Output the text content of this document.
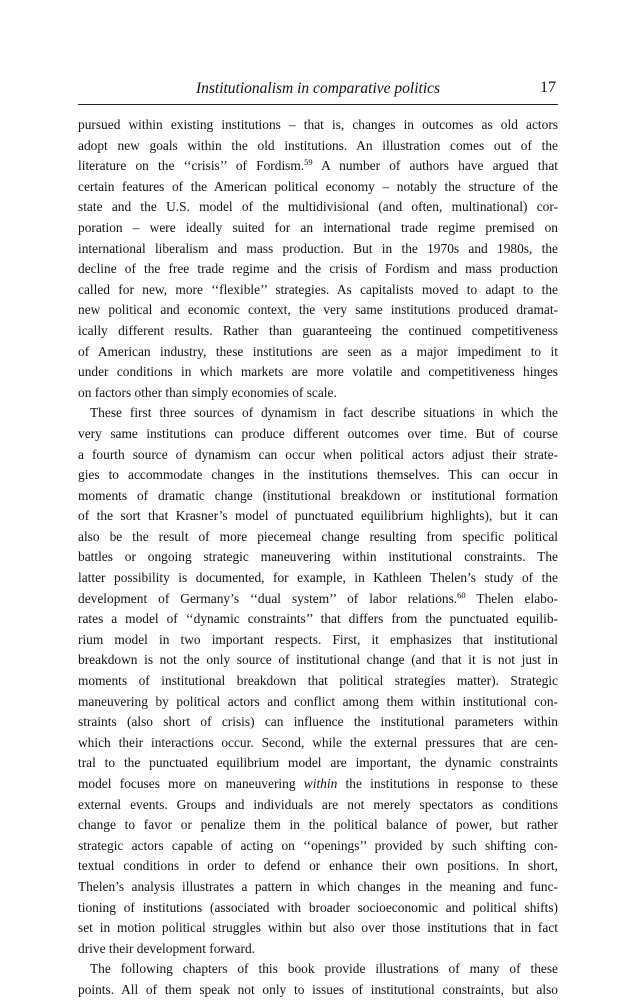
Institutionalism in comparative politics	17
pursued within existing institutions – that is, changes in outcomes as old actors
adopt new goals within the old institutions. An illustration comes out of the
literature on the ‘‘crisis’’ of Fordism.$^{59}$ A number of authors have argued that
certain features of the American political economy – notably the structure of the
state and the U.S. model of the multidivisional (and often, multinational) cor-
poration – were ideally suited for an international trade regime premised on
international liberalism and mass production. But in the 1970s and 1980s, the
decline of the free trade regime and the crisis of Fordism and mass production
called for new, more ‘‘flexible’’ strategies. As capitalists moved to adapt to the
new political and economic context, the very same institutions produced dramat-
ically different results. Rather than guaranteeing the continued competitiveness
of American industry, these institutions are seen as a major impediment to it
under conditions in which markets are more volatile and competitiveness hinges
on factors other than simply economies of scale.
These first three sources of dynamism in fact describe situations in which the
very same institutions can produce different outcomes over time. But of course
a fourth source of dynamism can occur when political actors adjust their strate-
gies to accommodate changes in the institutions themselves. This can occur in
moments of dramatic change (institutional breakdown or institutional formation
of the sort that Krasner’s model of punctuated equilibrium highlights), but it can
also be the result of more piecemeal change resulting from specific political
battles or ongoing strategic maneuvering within institutional constraints. The
latter possibility is documented, for example, in Kathleen Thelen’s study of the
development of Germany’s ‘‘dual system’’ of labor relations.$^{60}$ Thelen elabo-
rates a model of ‘‘dynamic constraints’’ that differs from the punctuated equilib-
rium model in two important respects. First, it emphasizes that institutional
breakdown is not the only source of institutional change (and that it is not just in
moments of institutional breakdown that political strategies matter). Strategic
maneuvering by political actors and conflict among them within institutional con-
straints (also short of crisis) can influence the institutional parameters within
which their interactions occur. Second, while the external pressures that are cen-
tral to the punctuated equilibrium model are important, the dynamic constraints
model focuses more on maneuvering within the institutions in response to these
external events. Groups and individuals are not merely spectators as conditions
change to favor or penalize them in the political balance of power, but rather
strategic actors capable of acting on ‘‘openings’’ provided by such shifting con-
textual conditions in order to defend or enhance their own positions. In short,
Thelen’s analysis illustrates a pattern in which changes in the meaning and func-
tioning of institutions (associated with broader socioeconomic and political shifts)
set in motion political struggles within but also over those institutions that in fact
drive their development forward.
The following chapters of this book provide illustrations of many of these
points. All of them speak not only to issues of institutional constraints, but also
